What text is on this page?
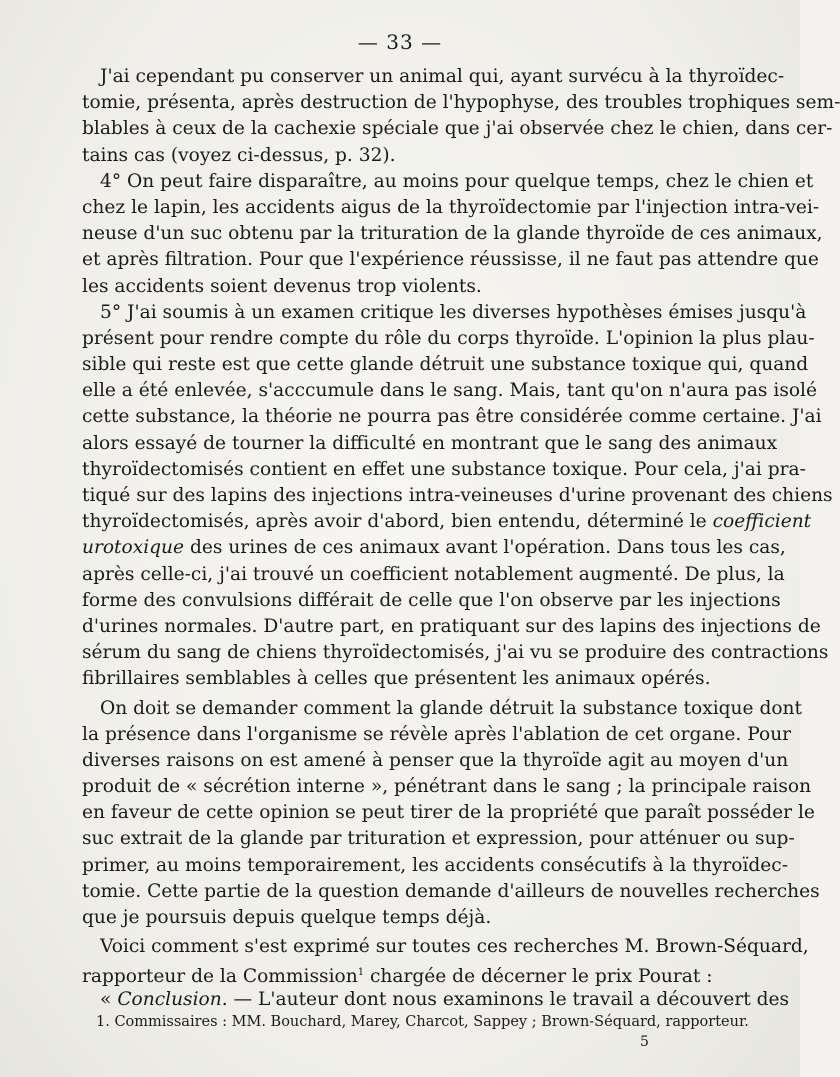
— 33 —
J'ai cependant pu conserver un animal qui, ayant survécu à la thyroïdec-
tomie, présenta, après destruction de l'hypophyse, des troubles trophiques sem-
blables à ceux de la cachexie spéciale que j'ai observée chez le chien, dans cer-
tains cas (voyez ci-dessus, p. 32).
4° On peut faire disparaître, au moins pour quelque temps, chez le chien et
chez le lapin, les accidents aigus de la thyroïdectomie par l'injection intra-vei-
neuse d'un suc obtenu par la trituration de la glande thyroïde de ces animaux,
et après filtration. Pour que l'expérience réussisse, il ne faut pas attendre que
les accidents soient devenus trop violents.
5° J'ai soumis à un examen critique les diverses hypothèses émises jusqu'à
présent pour rendre compte du rôle du corps thyroïde. L'opinion la plus plau-
sible qui reste est que cette glande détruit une substance toxique qui, quand
elle a été enlevée, s'acccumule dans le sang. Mais, tant qu'on n'aura pas isolé
cette substance, la théorie ne pourra pas être considérée comme certaine. J'ai
alors essayé de tourner la difficulté en montrant que le sang des animaux
thyroïdectomisés contient en effet une substance toxique. Pour cela, j'ai pra-
tiqué sur des lapins des injections intra-veineuses d'urine provenant des chiens
thyroïdectomisés, après avoir d'abord, bien entendu, déterminé le coefficient
urotoxique des urines de ces animaux avant l'opération. Dans tous les cas,
après celle-ci, j'ai trouvé un coefficient notablement augmenté. De plus, la
forme des convulsions différait de celle que l'on observe par les injections
d'urines normales. D'autre part, en pratiquant sur des lapins des injections de
sérum du sang de chiens thyroïdectomisés, j'ai vu se produire des contractions
fibrillaires semblables à celles que présentent les animaux opérés.
On doit se demander comment la glande détruit la substance toxique dont
la présence dans l'organisme se révèle après l'ablation de cet organe. Pour
diverses raisons on est amené à penser que la thyroïde agit au moyen d'un
produit de « sécrétion interne », pénétrant dans le sang ; la principale raison
en faveur de cette opinion se peut tirer de la propriété que paraît posséder le
suc extrait de la glande par trituration et expression, pour atténuer ou sup-
primer, au moins temporairement, les accidents consécutifs à la thyroïdec-
tomie. Cette partie de la question demande d'ailleurs de nouvelles recherches
que je poursuis depuis quelque temps déjà.
Voici comment s'est exprimé sur toutes ces recherches M. Brown-Séquard,
rapporteur de la Commission$^1$ chargée de décerner le prix Pourat :
« Conclusion. — L'auteur dont nous examinons le travail a découvert des
1. Commissaires : MM. Bouchard, Marey, Charcot, Sappey ; Brown-Séquard, rapporteur.
5
